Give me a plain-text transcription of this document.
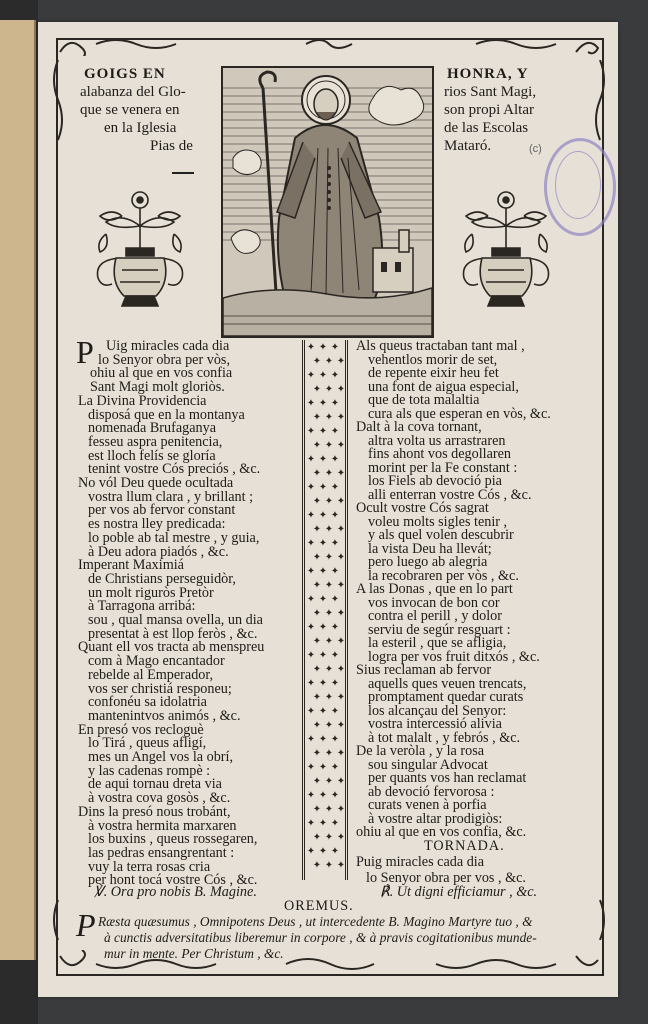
GOIGS EN
alabanza del Glo-
que se venera en
en la Iglesia
Pias de
HONRA, Y
rios Sant Magi,
son propi Altar
de las Escolas
Mataró.	(c)
✦ ✦ ✦
✦ ✦ ✦
✦ ✦ ✦
✦ ✦ ✦
✦ ✦ ✦
✦ ✦ ✦
✦ ✦ ✦
✦ ✦ ✦
✦ ✦ ✦
✦ ✦ ✦
✦ ✦ ✦
✦ ✦ ✦
✦ ✦ ✦
✦ ✦ ✦
✦ ✦ ✦
✦ ✦ ✦
✦ ✦ ✦
✦ ✦ ✦
✦ ✦ ✦
✦ ✦ ✦
✦ ✦ ✦
✦ ✦ ✦
✦ ✦ ✦
✦ ✦ ✦
✦ ✦ ✦
✦ ✦ ✦
✦ ✦ ✦
✦ ✦ ✦
✦ ✦ ✦
✦ ✦ ✦
✦ ✦ ✦
✦ ✦ ✦
✦ ✦ ✦
✦ ✦ ✦
✦ ✦ ✦
✦ ✦ ✦
✦ ✦ ✦
✦ ✦ ✦
P Uig miracles cada dia
lo Senyor obra per vòs,
ohiu al que en vos confia
Sant Magi molt gloriòs.
La Divina Providencia
disposá que en la montanya
nomenada Brufaganya
fesseu aspra penitencia,
est lloch felís se gloría
tenint vostre Cós preciós , &c.
No vól Deu quede ocultada
vostra llum clara , y brillant ;
per vos ab fervor constant
es nostra lley predicada:
lo poble ab tal mestre , y guia,
à Deu adora piadós , &c.
Imperant Maximiá
de Christians perseguidòr,
un molt riguròs Pretòr
à Tarragona arribá:
sou , qual mansa ovella, un dia
presentat à est llop feròs , &c.
Quant ell vos tracta ab menspreu
com à Mago encantador
rebelde al Emperador,
vos ser christiá responeu;
confonéu sa idolatria
mantenintvos animós , &c.
En presó vos recloguè
lo Tirá , queus afligí,
mes un Angel vos la obrí,
y las cadenas rompè :
de aqui tornau dreta via
à vostra cova gosòs , &c.
Dins la presó nous trobánt,
à vostra hermita marxaren
los buxins , queus rossegaren,
las pedras ensangrentant :
vuy la terra rosas cria
per hont tocá vostre Cós , &c.
℣. Ora pro nobis B. Magine.
Als queus tractaban tant mal ,
vehentlos morir de set,
de repente eixir heu fet
una font de aigua especial,
que de tota malaltia
cura als que esperan en vòs, &c.
Dalt à la cova tornant,
altra volta us arrastraren
fins ahont vos degollaren
morint per la Fe constant :
los Fiels ab devoció pia
alli enterran vostre Cós , &c.
Ocult vostre Cós sagrat
voleu molts sigles tenir ,
y als quel volen descubrir
la vista Deu ha llevát;
pero luego ab alegria
la recobraren per vòs , &c.
A las Donas , que en lo part
vos invocan de bon cor
contra el perill , y dolor
serviu de segúr resguart :
la esteril , que se afligia,
logra per vos fruit ditxós , &c.
Sius reclaman ab fervor
aquells ques veuen trencats,
promptament quedar curats
los alcançau del Senyor:
vostra intercessió alivia
à tot malalt , y febrós , &c.
De la veròla , y la rosa
sou singular Advocat
per quants vos han reclamat
ab devoció fervorosa :
curats venen à porfia
à vostre altar prodigiòs:
ohiu al que en vos confia, &c.
TORNADA.
Puig miracles cada dia
lo Senyor obra per vos , &c.
℟. Ut digni efficiamur , &c.
OREMUS.
P Ræsta quæsumus , Omnipotens Deus , ut intercedente B. Magino Martyre tuo , &
à cunctis adversitatibus liberemur in corpore , & à pravis cogitationibus munde-
mur in mente. Per Christum , &c.
